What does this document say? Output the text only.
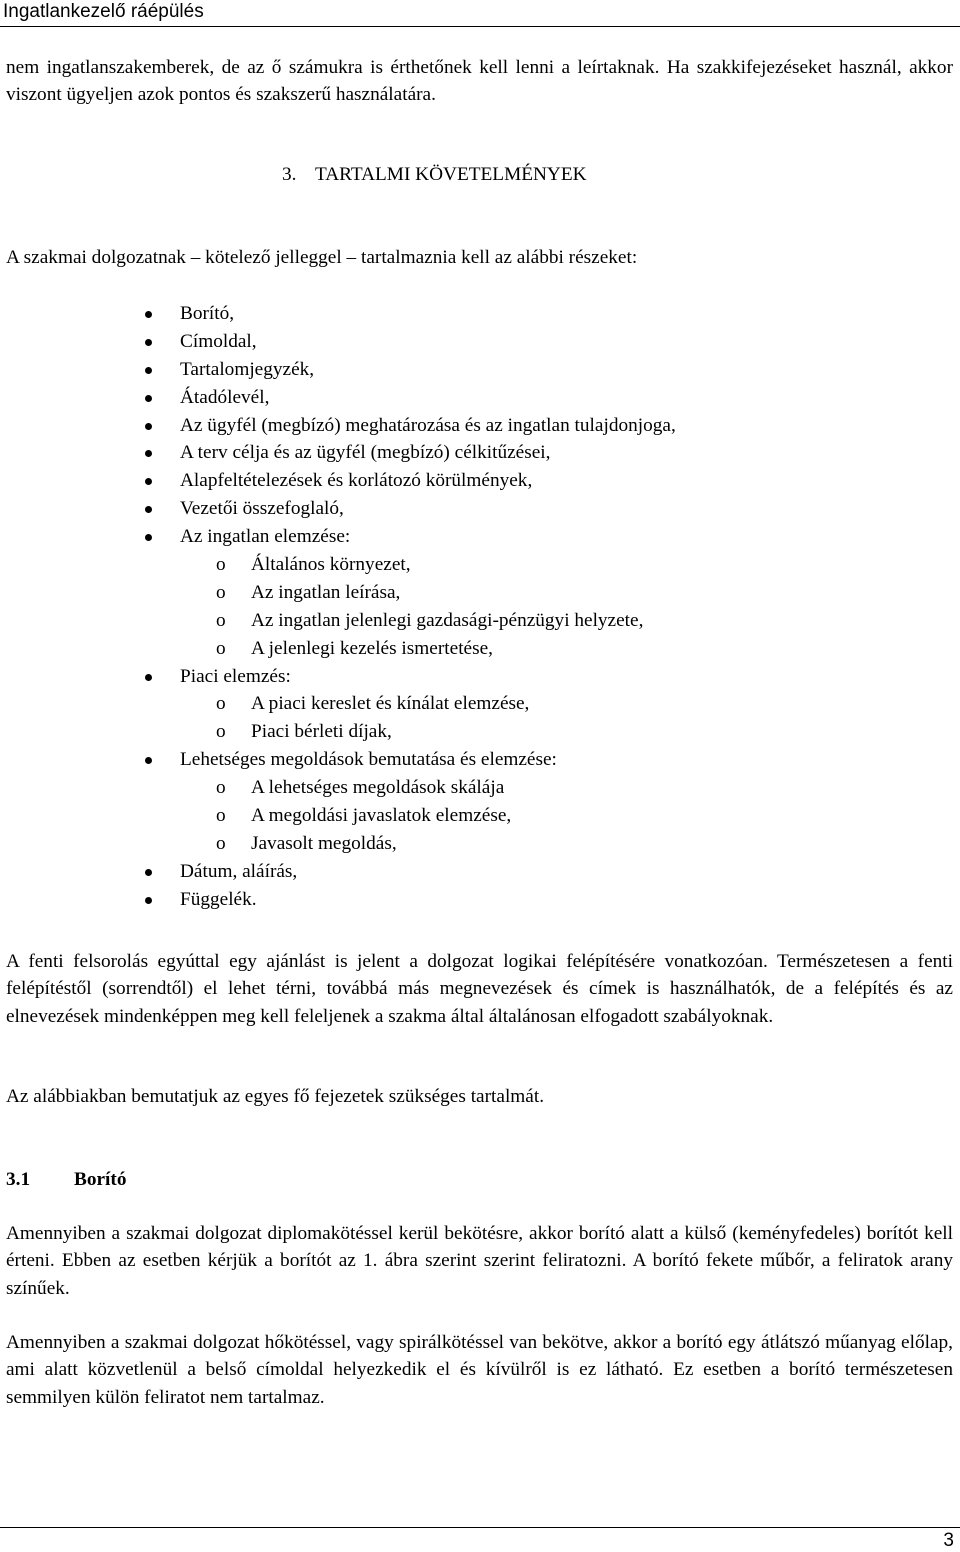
Ingatlankezelő ráépülés

nem ingatlanszakemberek, de az ő számukra is érthetőnek kell lenni a leírtaknak. Ha szakkifejezéseket használ, akkor viszont ügyeljen azok pontos és szakszerű használatára.

3. TARTALMI KÖVETELMÉNYEK

A szakmai dolgozatnak – kötelező jelleggel – tartalmaznia kell az alábbi részeket:

Borító,
Címoldal,
Tartalomjegyzék,
Átadólevél,
Az ügyfél (megbízó) meghatározása és az ingatlan tulajdonjoga,
A terv célja és az ügyfél (megbízó) célkitűzései,
Alapfeltételezések és korlátozó körülmények,
Vezetői összefoglaló,
Az ingatlan elemzése:
o Általános környezet,
o Az ingatlan leírása,
o Az ingatlan jelenlegi gazdasági-pénzügyi helyzete,
o A jelenlegi kezelés ismertetése,
Piaci elemzés:
o A piaci kereslet és kínálat elemzése,
o Piaci bérleti díjak,
Lehetséges megoldások bemutatása és elemzése:
o A lehetséges megoldások skálája
o A megoldási javaslatok elemzése,
o Javasolt megoldás,
Dátum, aláírás,
Függelék.

A fenti felsorolás egyúttal egy ajánlást is jelent a dolgozat logikai felépítésére vonatkozóan. Természetesen a fenti felépítéstől (sorrendtől) el lehet térni, továbbá más megnevezések és címek is használhatók, de a felépítés és az elnevezések mindenképpen meg kell feleljenek a szakma által általánosan elfogadott szabályoknak.

Az alábbiakban bemutatjuk az egyes fő fejezetek szükséges tartalmát.

3.1 Borító

Amennyiben a szakmai dolgozat diplomakötéssel kerül bekötésre, akkor borító alatt a külső (keményfedeles) borítót kell érteni. Ebben az esetben kérjük a borítót az 1. ábra szerint szerint feliratozni. A borító fekete műbőr, a feliratok arany színűek.

Amennyiben a szakmai dolgozat hőkötéssel, vagy spirálkötéssel van bekötve, akkor a borító egy átlátszó műanyag előlap, ami alatt közvetlenül a belső címoldal helyezkedik el és kívülről is ez látható. Ez esetben a borító természetesen semmilyen külön feliratot nem tartalmaz.

3
